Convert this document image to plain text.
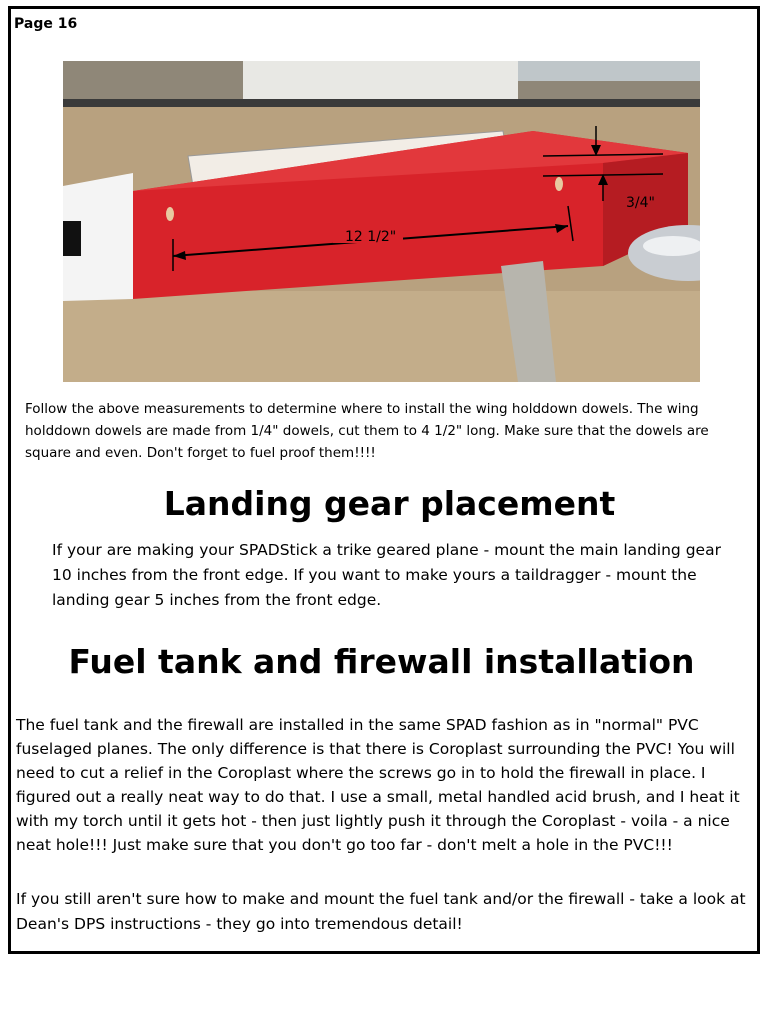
Page 16
12 1/2"
3/4"
Follow the above measurements to determine where to install the wing holddown dowels. The wing holddown dowels are made from 1/4" dowels, cut them to 4 1/2" long. Make sure that the dowels are square and even. Don't forget to fuel proof them!!!!
Landing gear placement
If your are making your SPADStick a trike geared plane - mount the main landing gear 10 inches from the front edge. If you want to make yours a taildragger - mount the landing gear 5 inches from the front edge.
Fuel tank and firewall installation
The fuel tank and the firewall are installed in the same SPAD fashion as in "normal" PVC fuselaged planes. The only difference is that there is Coroplast surrounding the PVC! You will need to cut a relief in the Coroplast where the screws go in to hold the firewall in place. I figured out a really neat way to do that. I use a small, metal handled acid brush, and I heat it with my torch until it gets hot - then just lightly push it through the Coroplast - voila - a nice neat hole!!! Just make sure that you don't go too far - don't melt a hole in the PVC!!!
If you still aren't sure how to make and mount the fuel tank and/or the firewall - take a look at Dean's DPS instructions - they go into tremendous detail!
